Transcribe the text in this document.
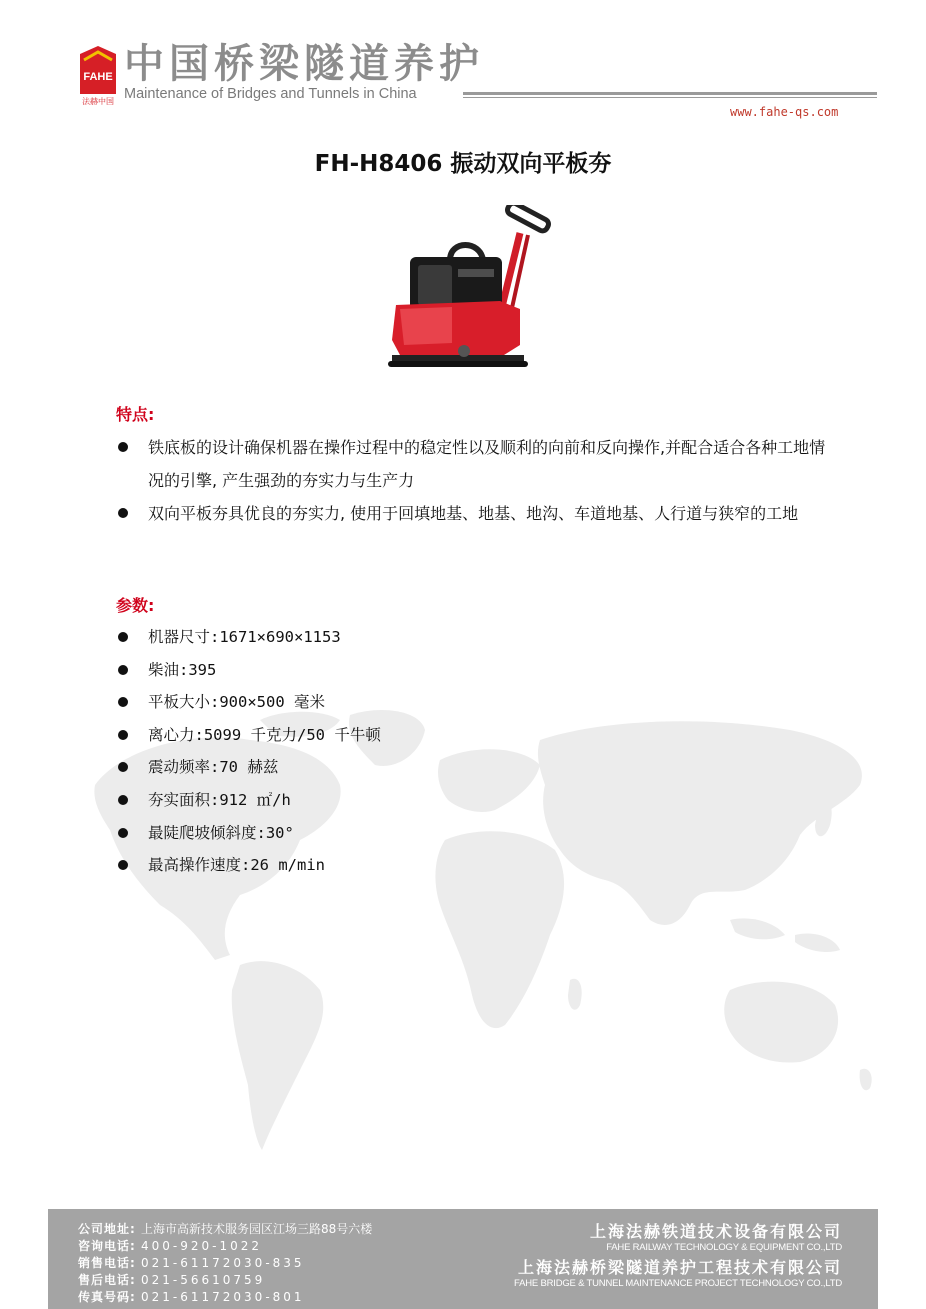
FAHE
法赫中国
中国桥梁隧道养护
Maintenance of Bridges and Tunnels in China
www.fahe-qs.com
FH-H8406 振动双向平板夯
特点:
铁底板的设计确保机器在操作过程中的稳定性以及顺利的向前和反向操作,并配合适合各种工地情况的引擎, 产生强劲的夯实力与生产力
双向平板夯具优良的夯实力, 使用于回填地基、地基、地沟、车道地基、人行道与狭窄的工地
参数:
机器尺寸:1671×690×1153
柴油:395
平板大小:900×500 毫米
离心力:5099 千克力/50 千牛顿
震动频率:70 赫兹
夯实面积:912 ㎡/h
最陡爬坡倾斜度:30°
最高操作速度:26 m/min
公司地址: 上海市高新技术服务园区江场三路88号六楼
咨询电话: 400-920-1022
销售电话: 021-61172030-835
售后电话: 021-56610759
传真号码: 021-61172030-801
上海法赫铁道技术设备有限公司
FAHE RAILWAY TECHNOLOGY & EQUIPMENT CO.,LTD
上海法赫桥梁隧道养护工程技术有限公司
FAHE BRIDGE & TUNNEL MAINTENANCE PROJECT TECHNOLOGY CO.,LTD
